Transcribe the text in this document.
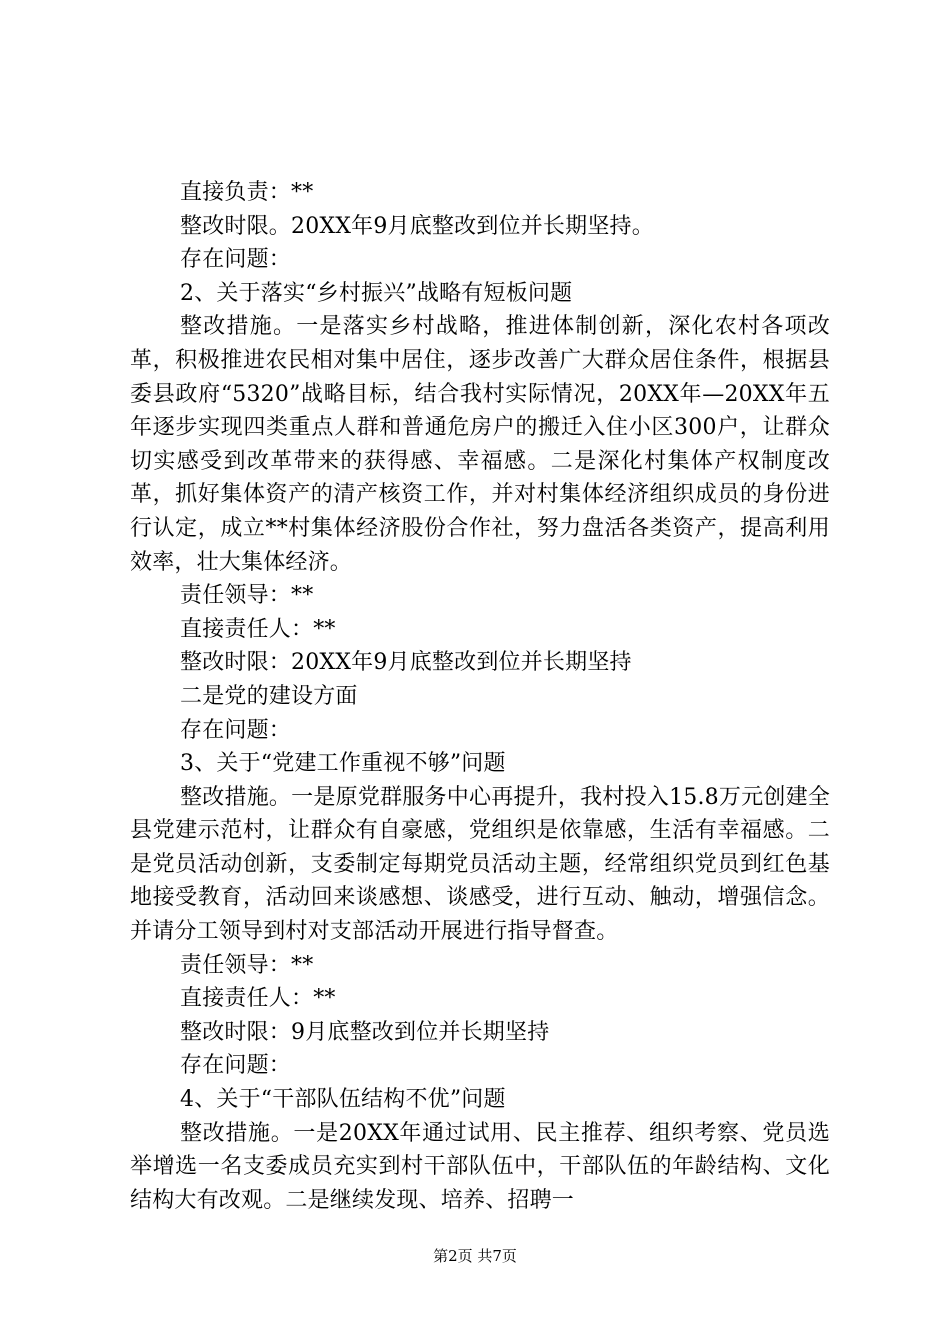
直接负责：**

整改时限。20XX年9月底整改到位并长期坚持。

存在问题：

2、关于落实“乡村振兴”战略有短板问题

整改措施。一是落实乡村战略，推进体制创新，深化农村各项改革，积极推进农民相对集中居住，逐步改善广大群众居住条件，根据县委县政府“5320”战略目标，结合我村实际情况，20XX年—20XX年五年逐步实现四类重点人群和普通危房户的搬迁入住小区300户，让群众切实感受到改革带来的获得感、幸福感。二是深化村集体产权制度改革，抓好集体资产的清产核资工作，并对村集体经济组织成员的身份进行认定，成立**村集体经济股份合作社，努力盘活各类资产，提高利用效率，壮大集体经济。

责任领导：**

直接责任人：**

整改时限：20XX年9月底整改到位并长期坚持

二是党的建设方面

存在问题：

3、关于“党建工作重视不够”问题

整改措施。一是原党群服务中心再提升，我村投入15.8万元创建全县党建示范村，让群众有自豪感，党组织是依靠感，生活有幸福感。二是党员活动创新，支委制定每期党员活动主题，经常组织党员到红色基地接受教育，活动回来谈感想、谈感受，进行互动、触动，增强信念。并请分工领导到村对支部活动开展进行指导督查。

责任领导：**

直接责任人：**

整改时限：9月底整改到位并长期坚持

存在问题：

4、关于“干部队伍结构不优”问题

整改措施。一是20XX年通过试用、民主推荐、组织考察、党员选举增选一名支委成员充实到村干部队伍中，干部队伍的年龄结构、文化结构大有改观。二是继续发现、培养、招聘一

第2页 共7页
